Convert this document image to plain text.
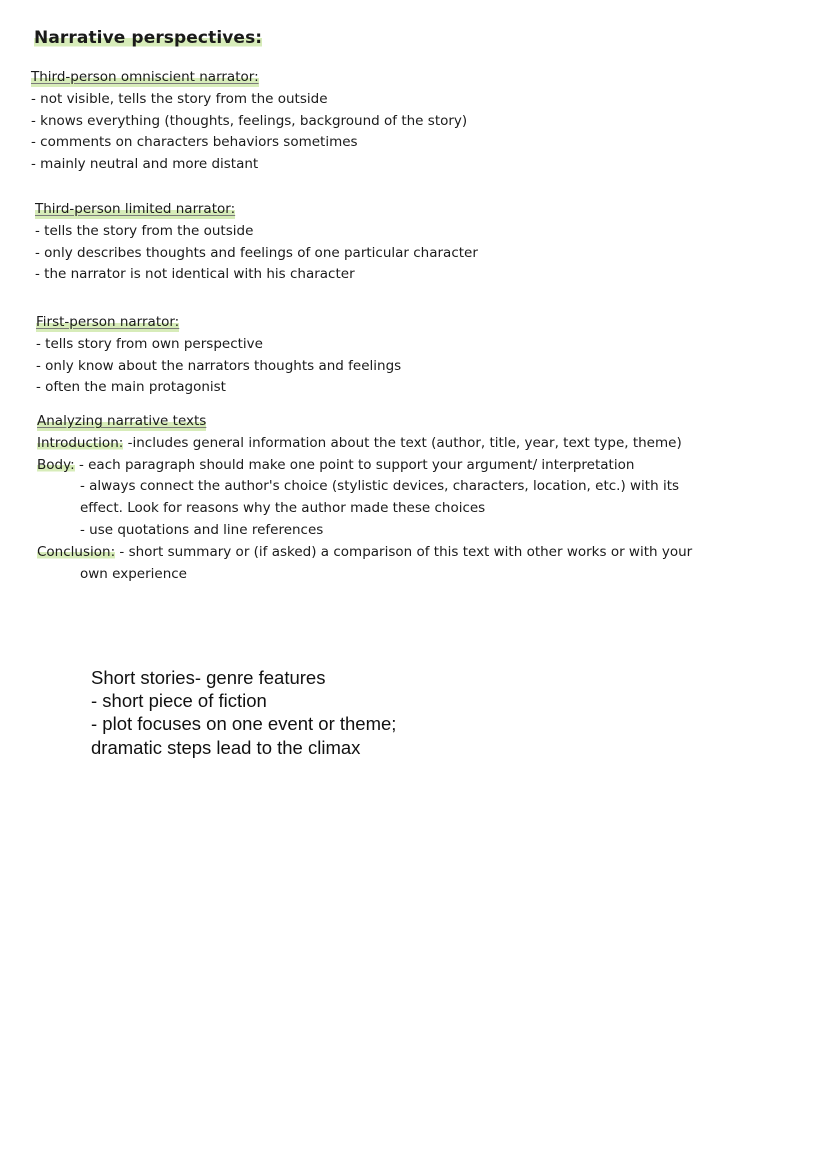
Narrative perspectives:
Third-person omniscient narrator:
- not visible, tells the story from the outside
- knows everything (thoughts, feelings, background of the story)
- comments on characters behaviors sometimes
- mainly neutral and more distant
Third-person limited narrator:
- tells the story from the outside
- only describes thoughts and feelings of one particular character
- the narrator is not identical with his character
First-person narrator:
- tells story from own perspective
- only know about the narrators thoughts and feelings
- often the main protagonist
Analyzing narrative texts
Introduction: -includes general information about the text (author, title, year, text type, theme)
Body: - each paragraph should make one point to support your argument/ interpretation
- always connect the author's choice (stylistic devices, characters, location, etc.) with its
effect. Look for reasons why the author made these choices
- use quotations and line references
Conclusion: - short summary or (if asked) a comparison of this text with other works or with your
own experience
Short stories- genre features
- short piece of fiction
- plot focuses on one event or theme;
dramatic steps lead to the climax
